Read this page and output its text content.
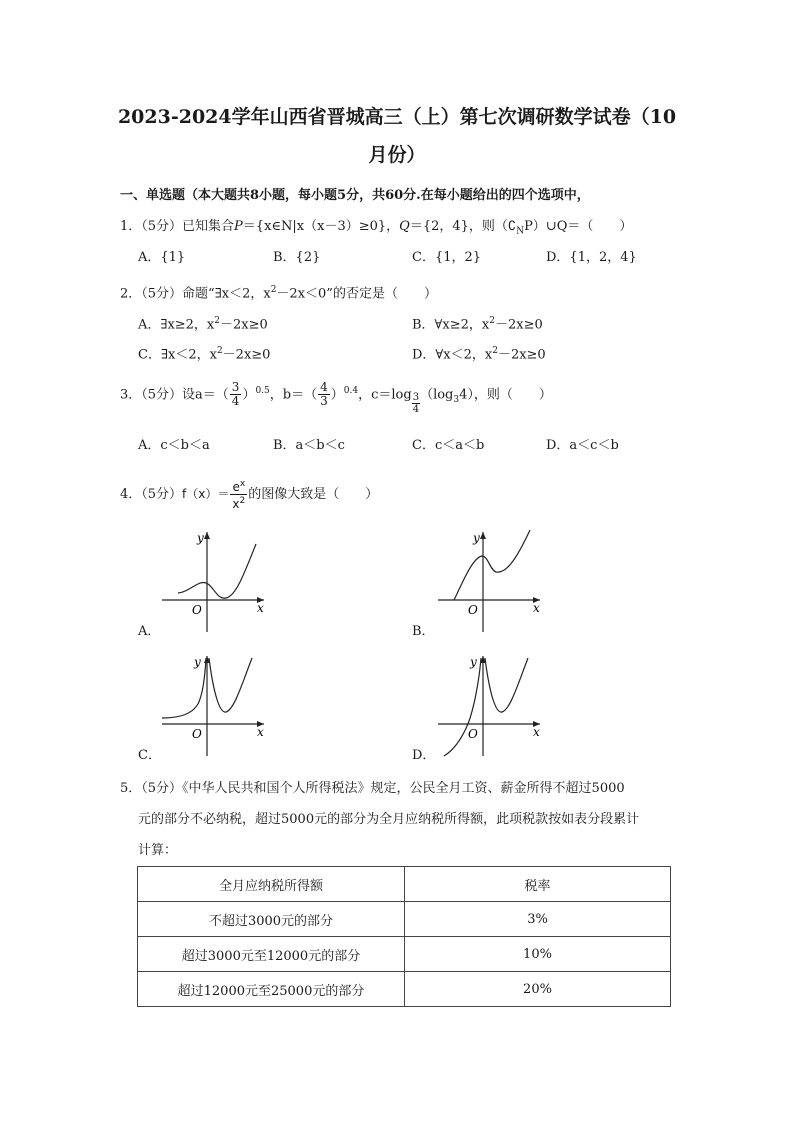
2023-2024学年山西省晋城高三（上）第七次调研数学试卷（10
月份）
一、单选题（本大题共8小题，每小题5分，共60分.在每小题给出的四个选项中，
1．（5分）已知集合P＝{x∈N|x（x－3）≥0}，Q＝{2，4}，则$(∁_NP)\cup Q=$（　　）
A．{1}	B．{2}	C．{1，2}	D．{1，2，4}
2．（5分）命题“∃x＜2，$x^2-2x<0$”的否定是（　　）
A．∃x≥2，$x^2-2x\ge 0$	B．∀x≥2，$x^2-2x\ge 0$
C．∃x＜2，$x^2-2x\ge 0$	D．∀x＜2，$x^2-2x\ge 0$
3．（5分）设$a=( \frac{3}{4} )^{0.5}$，$b=( \frac{4}{3} )^{0.4}$，$c=\log \frac{3}{4}(\log_34)$，则（　　）
A．c＜b＜a	B．a＜b＜c	C．c＜a＜b	D．a＜c＜b
4．（5分）$f(x)= \frac{e^x}{x^2}$ 的图像大致是（　　）
y
x
O
A．
y
x
O
B．
y
x
O
C．
y
x
O
D．
5．（5分）《中华人民共和国个人所得税法》规定，公民全月工资、薪金所得不超过5000
元的部分不必纳税，超过5000元的部分为全月应纳税所得额，此项税款按如表分段累计
计算：
全月应纳税所得额	税率
不超过3000元的部分	3%
超过3000元至12000元的部分	10%
超过12000元至25000元的部分	20%
